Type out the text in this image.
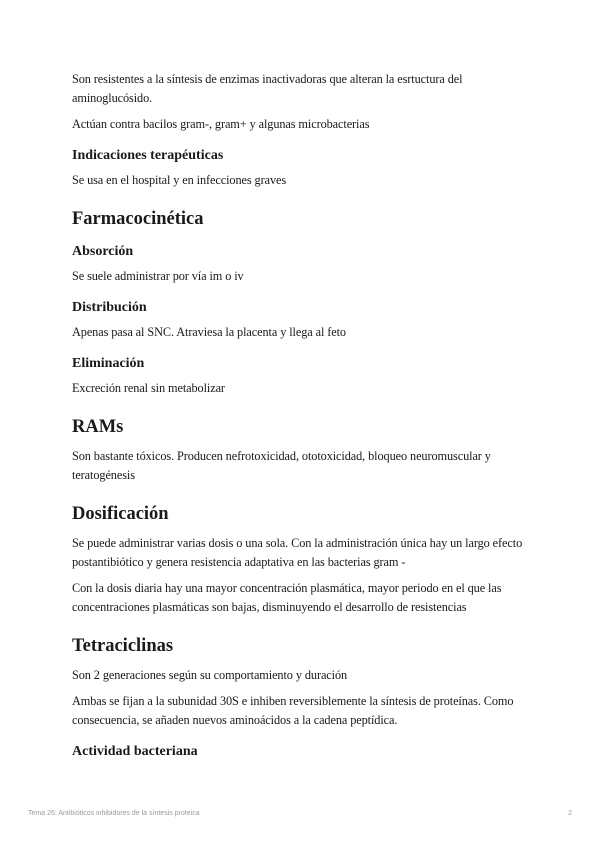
Son resistentes a la síntesis de enzimas inactivadoras que alteran la esrtuctura del aminoglucósido.

Actúan contra bacilos gram-, gram+ y algunas microbacterias

Indicaciones terapéuticas

Se usa en el hospital y en infecciones graves

Farmacocinética
Absorción

Se suele administrar por vía im o iv

Distribución

Apenas pasa al SNC. Atraviesa la placenta y llega al feto

Eliminación

Excreción renal sin metabolizar

RAMs

Son bastante tóxicos. Producen nefrotoxicidad, ototoxicidad, bloqueo neuromuscular y teratogénesis

Dosificación

Se puede administrar varias dosis o una sola. Con la administración única hay un largo efecto postantibiótico y genera resistencia adaptativa en las bacterias gram -

Con la dosis diaria hay una mayor concentración plasmática, mayor periodo en el que las concentraciones plasmáticas son bajas, disminuyendo el desarrollo de resistencias

Tetraciclinas

Son 2 generaciones según su comportamiento y duración

Ambas se fijan a la subunidad 30S e inhiben reversiblemente la síntesis de proteínas. Como consecuencia, se añaden nuevos aminoácidos a la cadena peptídica.

Actividad bacteriana
Tema 26: Antibióticos inhibidores de la síntesis proteica	2
